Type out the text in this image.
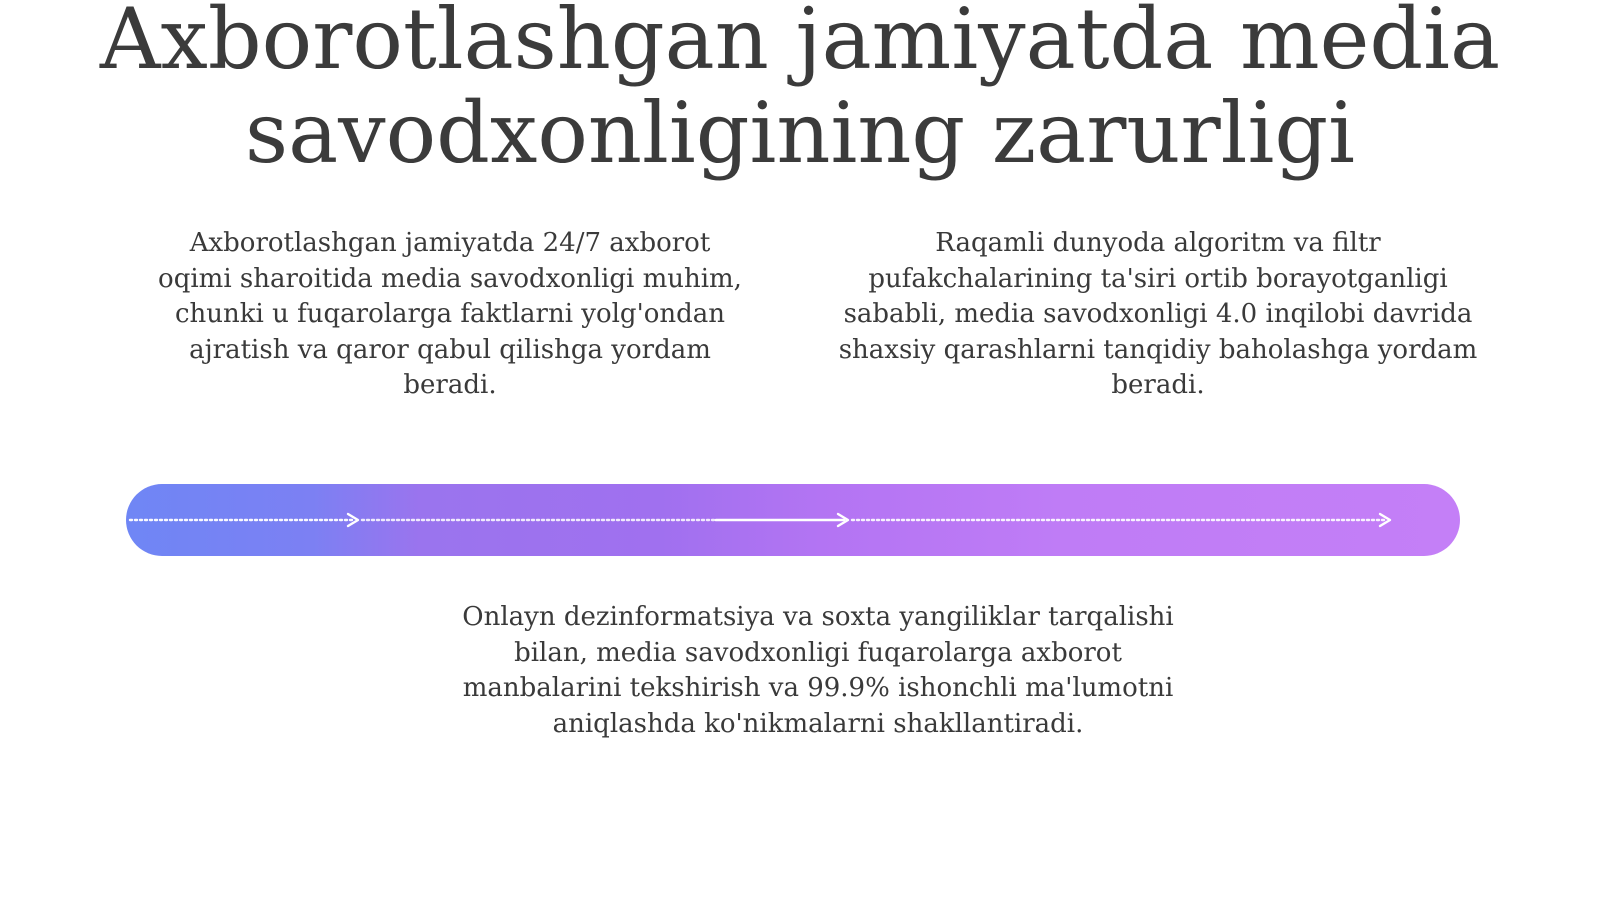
Axborotlashgan jamiyatda media savodxonligining zarurligi

Axborotlashgan jamiyatda 24/7 axborot oqimi sharoitida media savodxonligi muhim, chunki u fuqarolarga faktlarni yolg'ondan ajratish va qaror qabul qilishga yordam beradi.

Raqamli dunyoda algoritm va filtr pufakchalarining ta'siri ortib borayotganligi sababli, media savodxonligi 4.0 inqilobi davrida shaxsiy qarashlarni tanqidiy baholashga yordam beradi.

Onlayn dezinformatsiya va soxta yangiliklar tarqalishi bilan, media savodxonligi fuqarolarga axborot manbalarini tekshirish va 99.9% ishonchli ma'lumotni aniqlashda ko'nikmalarni shakllantiradi.
